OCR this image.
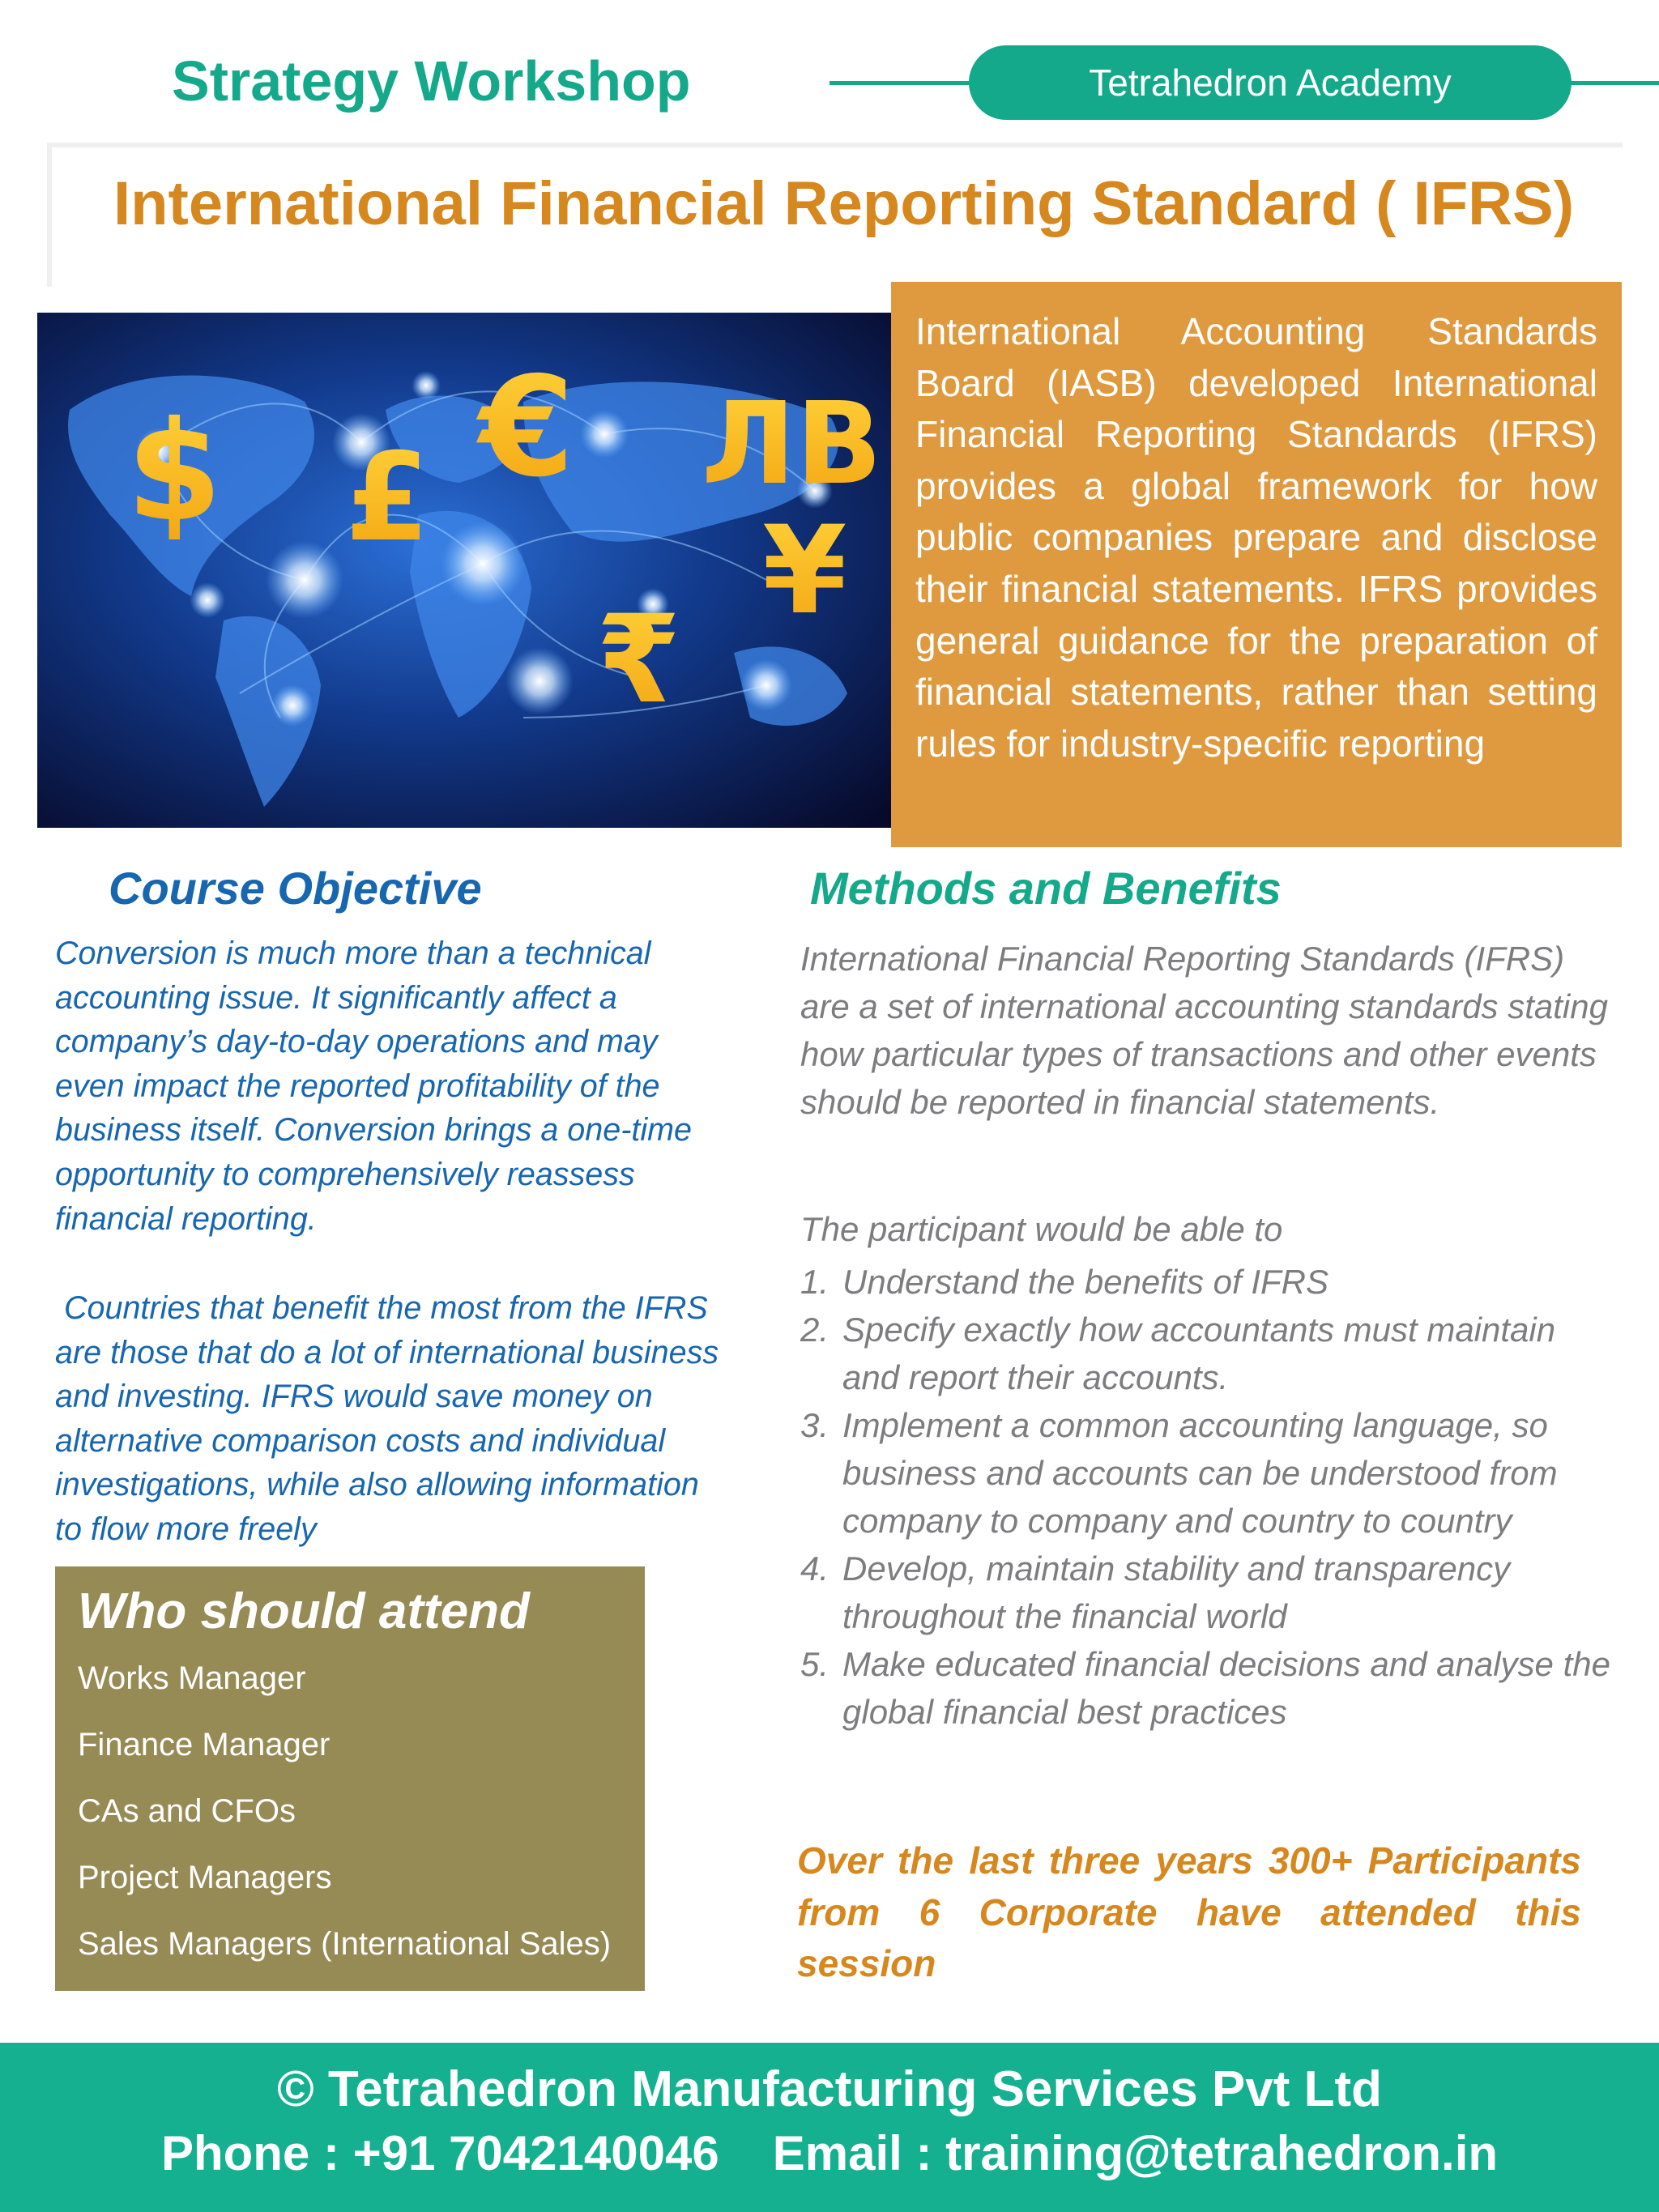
Strategy Workshop	Tetrahedron Academy
International Financial Reporting Standard ( IFRS)
$ £ € ЛВ
¥
₹

International Accounting Standards Board (IASB) developed International Financial Reporting Standards (IFRS) provides a global framework for how public companies prepare and disclose their financial statements. IFRS provides general guidance for the preparation of financial statements, rather than setting rules for industry-specific reporting

Course Objective

Conversion is much more than a technical accounting issue. It significantly affect a company’s day-to-day operations and may even impact the reported profitability of the business itself. Conversion brings a one-time opportunity to comprehensively reassess financial reporting.

Countries that benefit the most from the IFRS are those that do a lot of international business and investing. IFRS would save money on alternative comparison costs and individual investigations, while also allowing information to flow more freely

Who should attend
Works Manager
Finance Manager
CAs and CFOs
Project Managers
Sales Managers (International Sales)
Methods and Benefits

International Financial Reporting Standards (IFRS) are a set of international accounting standards stating how particular types of transactions and other events should be reported in financial statements.

The participant would be able to
1. Understand the benefits of IFRS
2. Specify exactly how accountants must maintain and report their accounts.
3. Implement a common accounting language, so business and accounts can be understood from company to company and country to country
4. Develop, maintain stability and transparency throughout the financial world
5. Make educated financial decisions and analyse the global financial best practices

Over the last three years 300+ Participants from 6 Corporate have attended this session

© Tetrahedron Manufacturing Services Pvt Ltd
Phone : +91 7042140046 Email : training@tetrahedron.in
